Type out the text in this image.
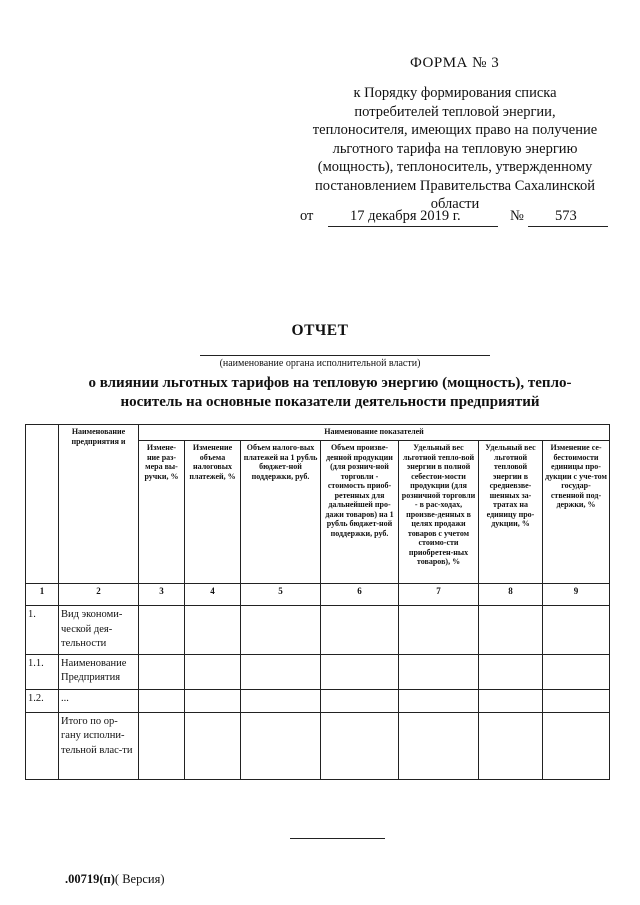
ФОРМА № 3
к Порядку формирования списка
потребителей тепловой энергии,
теплоносителя, имеющих право на получение
льготного тарифа на тепловую энергию
(мощность), теплоноситель, утвержденному
постановлением Правительства Сахалинской
области
от	17 декабря 2019 г.	№ 573
ОТЧЕТ
(наименование органа исполнительной власти)
о влиянии льготных тарифов на тепловую энергию (мощность), тепло-
носитель на основные показатели деятельности предприятий
	Наименование предприятия и	Наименование показателей						
		Измене-ние раз-мера вы-ручки, %	Изменение объема налоговых платежей, %	Объем налого-вых платежей на 1 рубль бюджет-ной поддержки, руб.	Объем произве-денной продукции (для рознич-ной торговли - стоимость приоб-ретенных для дальнейшей про-дажи товаров) на 1 рубль бюджет-ной поддержки, руб.	Удельный вес льготной тепло-вой энергии в полной себестои-мости продукции (для розничной торговли - в рас-ходах, произве-денных в целях продажи товаров с учетом стоимо-сти приобретен-ных товаров), %	Удельный вес льготной тепловой энергии в средневзве-шенных за-тратах на единицу про-дукции, %	Изменение се-бестоимости единицы про-дукции с уче-том государ-ственной под-держки, %
1	2	3	4	5	6	7	8	9
1.	Вид экономи-ческой дея-тельности							
1.1.	Наименование Предприятия							
1.2.	...							
	Итого по ор-гану исполни-тельной влас-ти							
.00719(п)( Версия)
